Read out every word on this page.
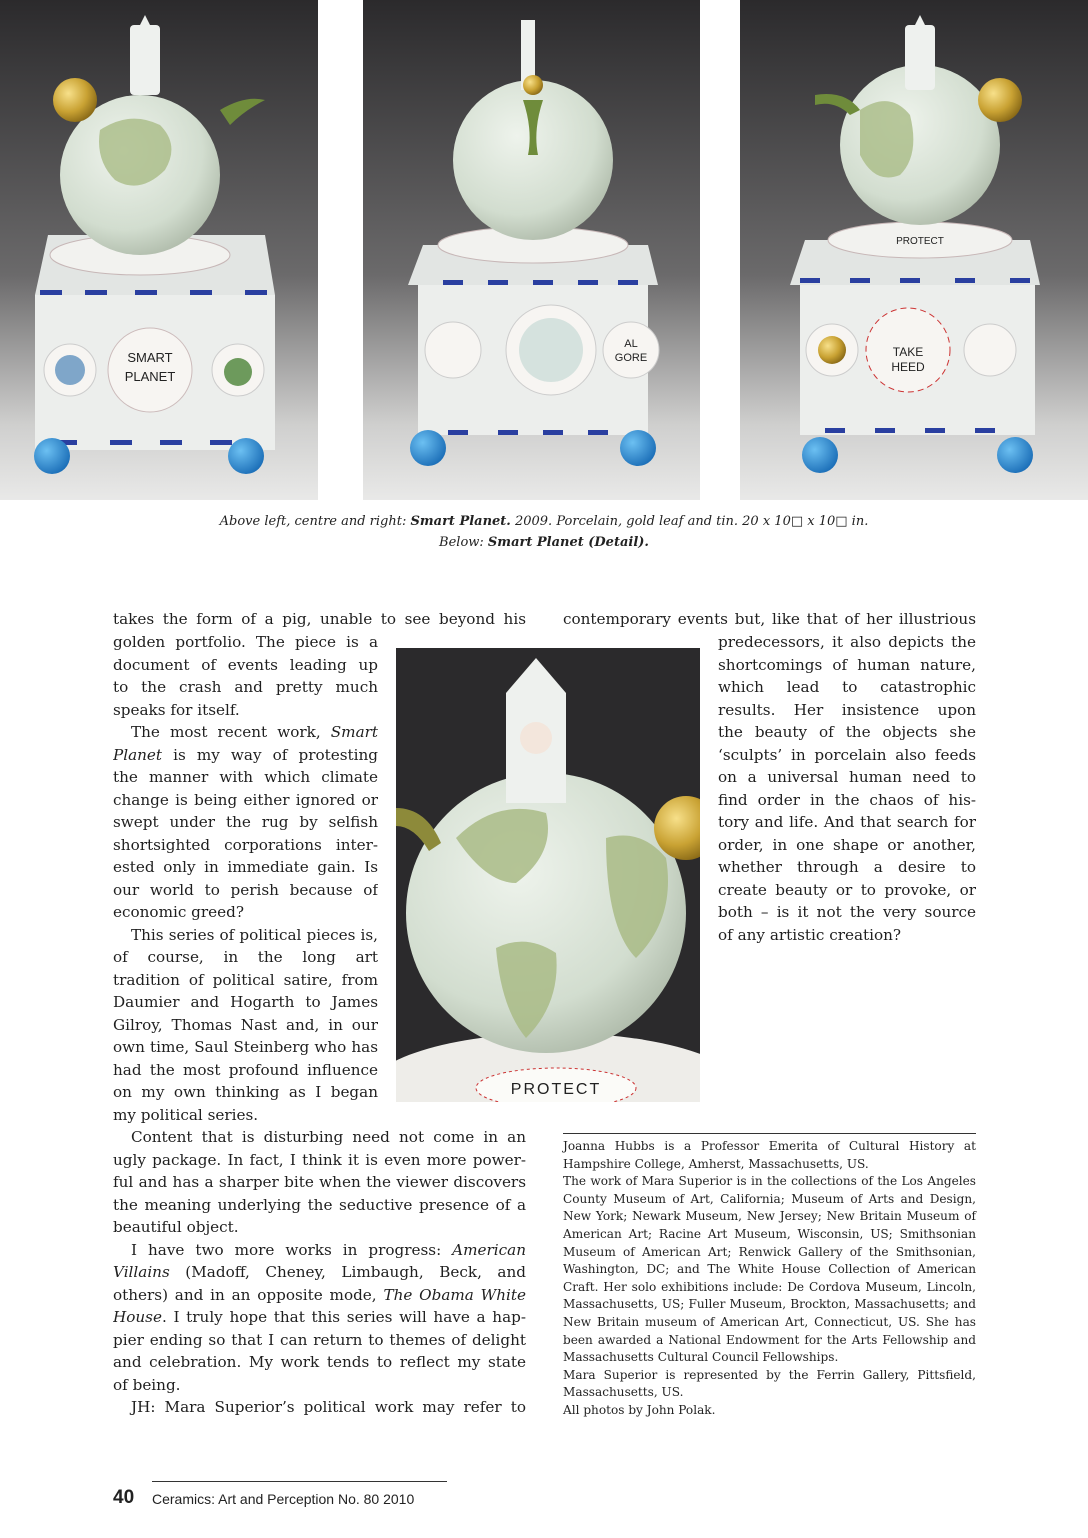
SMART
PLANET
AL
GORE
PROTECT
TAKE
HEED
PROTECT
Above left, centre and right: Smart Planet. 2009. Porcelain, gold leaf and tin. 20 x 10□ x 10□ in.
Below: Smart Planet (Detail).
takes the form of a pig, unable to see beyond his
golden portfolio. The piece is a
document of events leading up
to the crash and pretty much
speaks for itself.
The most recent work, Smart
Planet is my way of protesting
the manner with which climate
change is being either ignored or
swept under the rug by selfish
shortsighted corporations inter-
ested only in immediate gain. Is
our world to perish because of
economic greed?
This series of political pieces is,
of course, in the long art
tradition of political satire, from
Daumier and Hogarth to James
Gilroy, Thomas Nast and, in our
own time, Saul Steinberg who has
had the most profound influence
on my own thinking as I began
my political series.
Content that is disturbing need not come in an
ugly package. In fact, I think it is even more power-
ful and has a sharper bite when the viewer discovers
the meaning underlying the seductive presence of a
beautiful object.
I have two more works in progress: American
Villains (Madoff, Cheney, Limbaugh, Beck, and
others) and in an opposite mode, The Obama White
House. I truly hope that this series will have a hap-
pier ending so that I can return to themes of delight
and celebration. My work tends to reflect my state
of being.
JH: Mara Superior’s political work may refer to
contemporary events but, like that of her illustrious
predecessors, it also depicts the
shortcomings of human nature,
which lead to catastrophic
results. Her insistence upon
the beauty of the objects she
‘sculpts’ in porcelain also feeds
on a universal human need to
find order in the chaos of his-
tory and life. And that search for
order, in one shape or another,
whether through a desire to
create beauty or to provoke, or
both – is it not the very source
of any artistic creation?

Joanna Hubbs is a Professor Emerita of Cultural History at Hampshire College, Amherst, Massachusetts, US.

The work of Mara Superior is in the collections of the Los Angeles County Museum of Art, California; Museum of Arts and Design, New York; Newark Museum, New Jersey; New Britain Museum of American Art; Racine Art Museum, Wisconsin, US; Smithsonian Museum of American Art; Renwick Gallery of the Smithsonian, Washington, DC; and The White House Collection of American Craft. Her solo exhibitions include: De Cordova Museum, Lincoln, Massachusetts, US; Fuller Museum, Brockton, Massachusetts; and New Britain museum of American Art, Connecticut, US. She has been awarded a National Endowment for the Arts Fellowship and Massachusetts Cultural Council Fellowships.

Mara Superior is represented by the Ferrin Gallery, Pittsfield, Massachusetts, US.

All photos by John Polak.

40 Ceramics: Art and Perception No. 80 2010
